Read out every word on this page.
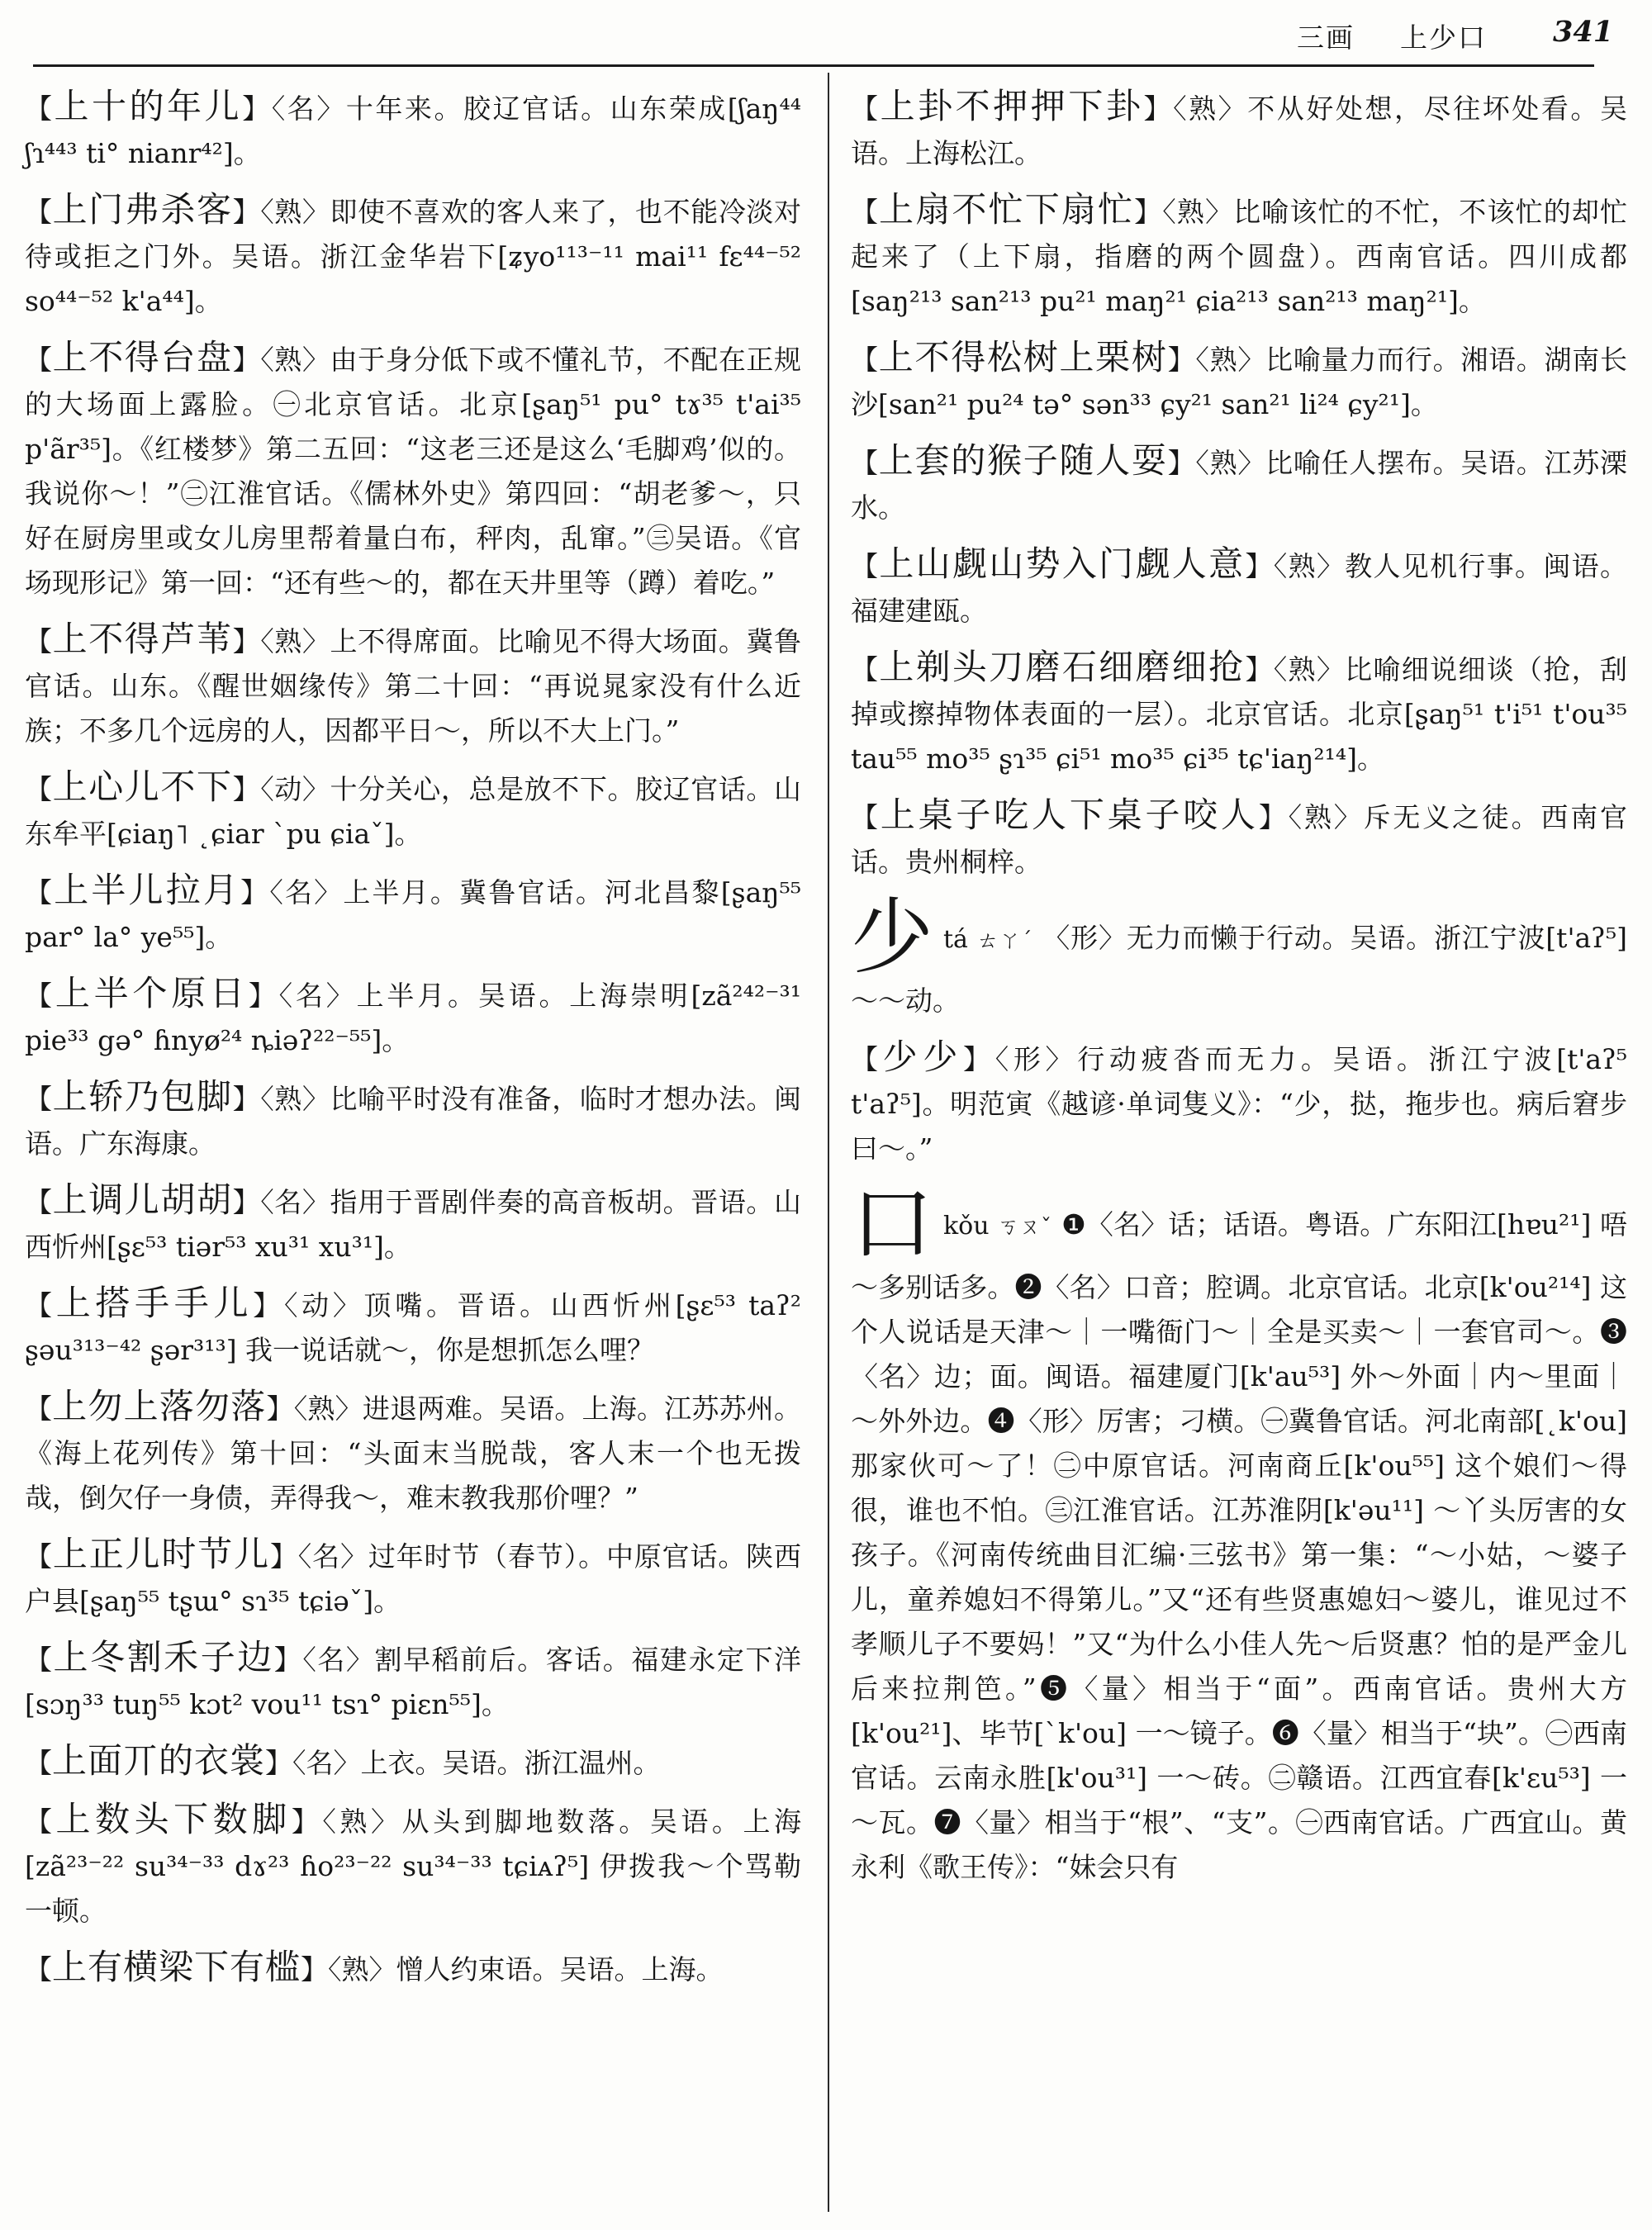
三画 上少口 341
【上十的年儿】〈名〉十年来。胶辽官话。山东荣成[ʃaŋ⁴⁴ ʃɿ⁴⁴³ ti° nianr⁴²]。
【上门弗杀客】〈熟〉即使不喜欢的客人来了，也不能冷淡对待或拒之门外。吴语。浙江金华岩下[ʑyo¹¹³⁻¹¹ mai¹¹ fɛ⁴⁴⁻⁵² so⁴⁴⁻⁵² k'a⁴⁴]。
【上不得台盘】〈熟〉由于身分低下或不懂礼节，不配在正规的大场面上露脸。㊀北京官话。北京[ʂaŋ⁵¹ pu° tɤ³⁵ t'ai³⁵ p'ãr³⁵]。《红楼梦》第二五回：“这老三还是这么‘毛脚鸡’似的。我说你～！”㊁江淮官话。《儒林外史》第四回：“胡老爹～，只好在厨房里或女儿房里帮着量白布，秤肉，乱窜。”㊂吴语。《官场现形记》第一回：“还有些～的，都在天井里等（蹲）着吃。”
【上不得芦苇】〈熟〉上不得席面。比喻见不得大场面。冀鲁官话。山东。《醒世姻缘传》第二十回：“再说晁家没有什么近族；不多几个远房的人，因都平日～，所以不大上门。”
【上心儿不下】〈动〉十分关心，总是放不下。胶辽官话。山东牟平[ɕiaŋ˥ ˛ɕiar ˋpu ɕiaˇ]。
【上半儿拉月】〈名〉上半月。冀鲁官话。河北昌黎[ʂaŋ⁵⁵ par° la° ye⁵⁵]。
【上半个原日】〈名〉上半月。吴语。上海崇明[zã²⁴²⁻³¹ pie³³ gə° ɦnyø²⁴ ȵiəʔ²²⁻⁵⁵]。
【上轿乃包脚】〈熟〉比喻平时没有准备，临时才想办法。闽语。广东海康。
【上调儿胡胡】〈名〉指用于晋剧伴奏的高音板胡。晋语。山西忻州[ʂɛ⁵³ tiər⁵³ xu³¹ xu³¹]。
【上搭手手儿】〈动〉顶嘴。晋语。山西忻州[ʂɛ⁵³ taʔ² ʂəu³¹³⁻⁴² ʂər³¹³] 我一说话就～，你是想抓怎么哩？
【上勿上落勿落】〈熟〉进退两难。吴语。上海。江苏苏州。《海上花列传》第十回：“头面末当脱哉，客人末一个也无拨哉，倒欠仔一身债，弄得我～，难末教我那价哩？”
【上正儿时节儿】〈名〉过年时节（春节）。中原官话。陕西户县[ʂaŋ⁵⁵ tʂɯ° sɿ³⁵ tɕiəˇ]。
【上冬割禾子边】〈名〉割早稻前后。客话。福建永定下洋[sɔŋ³³ tuŋ⁵⁵ kɔt² vou¹¹ tsɿ° piɛn⁵⁵]。
【上面丌的衣裳】〈名〉上衣。吴语。浙江温州。
【上数头下数脚】〈熟〉从头到脚地数落。吴语。上海[zã²³⁻²² su³⁴⁻³³ dɤ²³ ɦo²³⁻²² su³⁴⁻³³ tɕiᴀʔ⁵] 伊拨我～个骂勒一顿。
【上有横梁下有槛】〈熟〉憎人约束语。吴语。上海。
【上卦不押押下卦】〈熟〉不从好处想，尽往坏处看。吴语。上海松江。
【上扇不忙下扇忙】〈熟〉比喻该忙的不忙，不该忙的却忙起来了（上下扇，指磨的两个圆盘）。西南官话。四川成都[saŋ²¹³ san²¹³ pu²¹ maŋ²¹ ɕia²¹³ san²¹³ maŋ²¹]。
【上不得松树上栗树】〈熟〉比喻量力而行。湘语。湖南长沙[san²¹ pu²⁴ tə° sən³³ ɕy²¹ san²¹ li²⁴ ɕy²¹]。
【上套的猴子随人耍】〈熟〉比喻任人摆布。吴语。江苏溧水。
【上山觑山势入门觑人意】〈熟〉教人见机行事。闽语。福建建瓯。
【上剃头刀磨石细磨细抢】〈熟〉比喻细说细谈（抢，刮掉或擦掉物体表面的一层）。北京官话。北京[ʂaŋ⁵¹ t'i⁵¹ t'ou³⁵ tau⁵⁵ mo³⁵ ʂɿ³⁵ ɕi⁵¹ mo³⁵ ɕi³⁵ tɕ'iaŋ²¹⁴]。
【上桌子吃人下桌子咬人】〈熟〉斥无义之徒。西南官话。贵州桐梓。
少tá ㄊㄚˊ 〈形〉无力而懒于行动。吴语。浙江宁波[t'aʔ⁵] ～～动。
【少少】〈形〉行动疲沓而无力。吴语。浙江宁波[t'aʔ⁵ t'aʔ⁵]。明范寅《越谚·单词隻义》：“少，挞，拖步也。病后窘步曰～。”
口kǒu ㄎㄡˇ ❶〈名〉话；话语。粤语。广东阳江[hɐu²¹] 唔～多别话多。❷〈名〉口音；腔调。北京官话。北京[k'ou²¹⁴] 这个人说话是天津～｜一嘴衙门～｜全是买卖～｜一套官司～。❸〈名〉边；面。闽语。福建厦门[k'au⁵³] 外～外面｜内～里面｜～外外边。❹〈形〉厉害；刁横。㊀冀鲁官话。河北南部[˛k'ou] 那家伙可～了！㊁中原官话。河南商丘[k'ou⁵⁵] 这个娘们～得很，谁也不怕。㊂江淮官话。江苏淮阴[k'əu¹¹] ～丫头厉害的女孩子。《河南传统曲目汇编·三弦书》第一集：“～小姑，～婆子儿，童养媳妇不得第儿。”又“还有些贤惠媳妇～婆儿，谁见过不孝顺儿子不要妈！”又“为什么小佳人先～后贤惠？怕的是严金儿后来拉荆笆。”❺〈量〉相当于“面”。西南官话。贵州大方[k'ou²¹]、毕节[ˋk'ou] 一～镜子。❻〈量〉相当于“块”。㊀西南官话。云南永胜[k'ou³¹] 一～砖。㊁赣语。江西宜春[k'ɛu⁵³] 一～瓦。❼〈量〉相当于“根”、“支”。㊀西南官话。广西宜山。黄永利《歌王传》：“妹会只有
